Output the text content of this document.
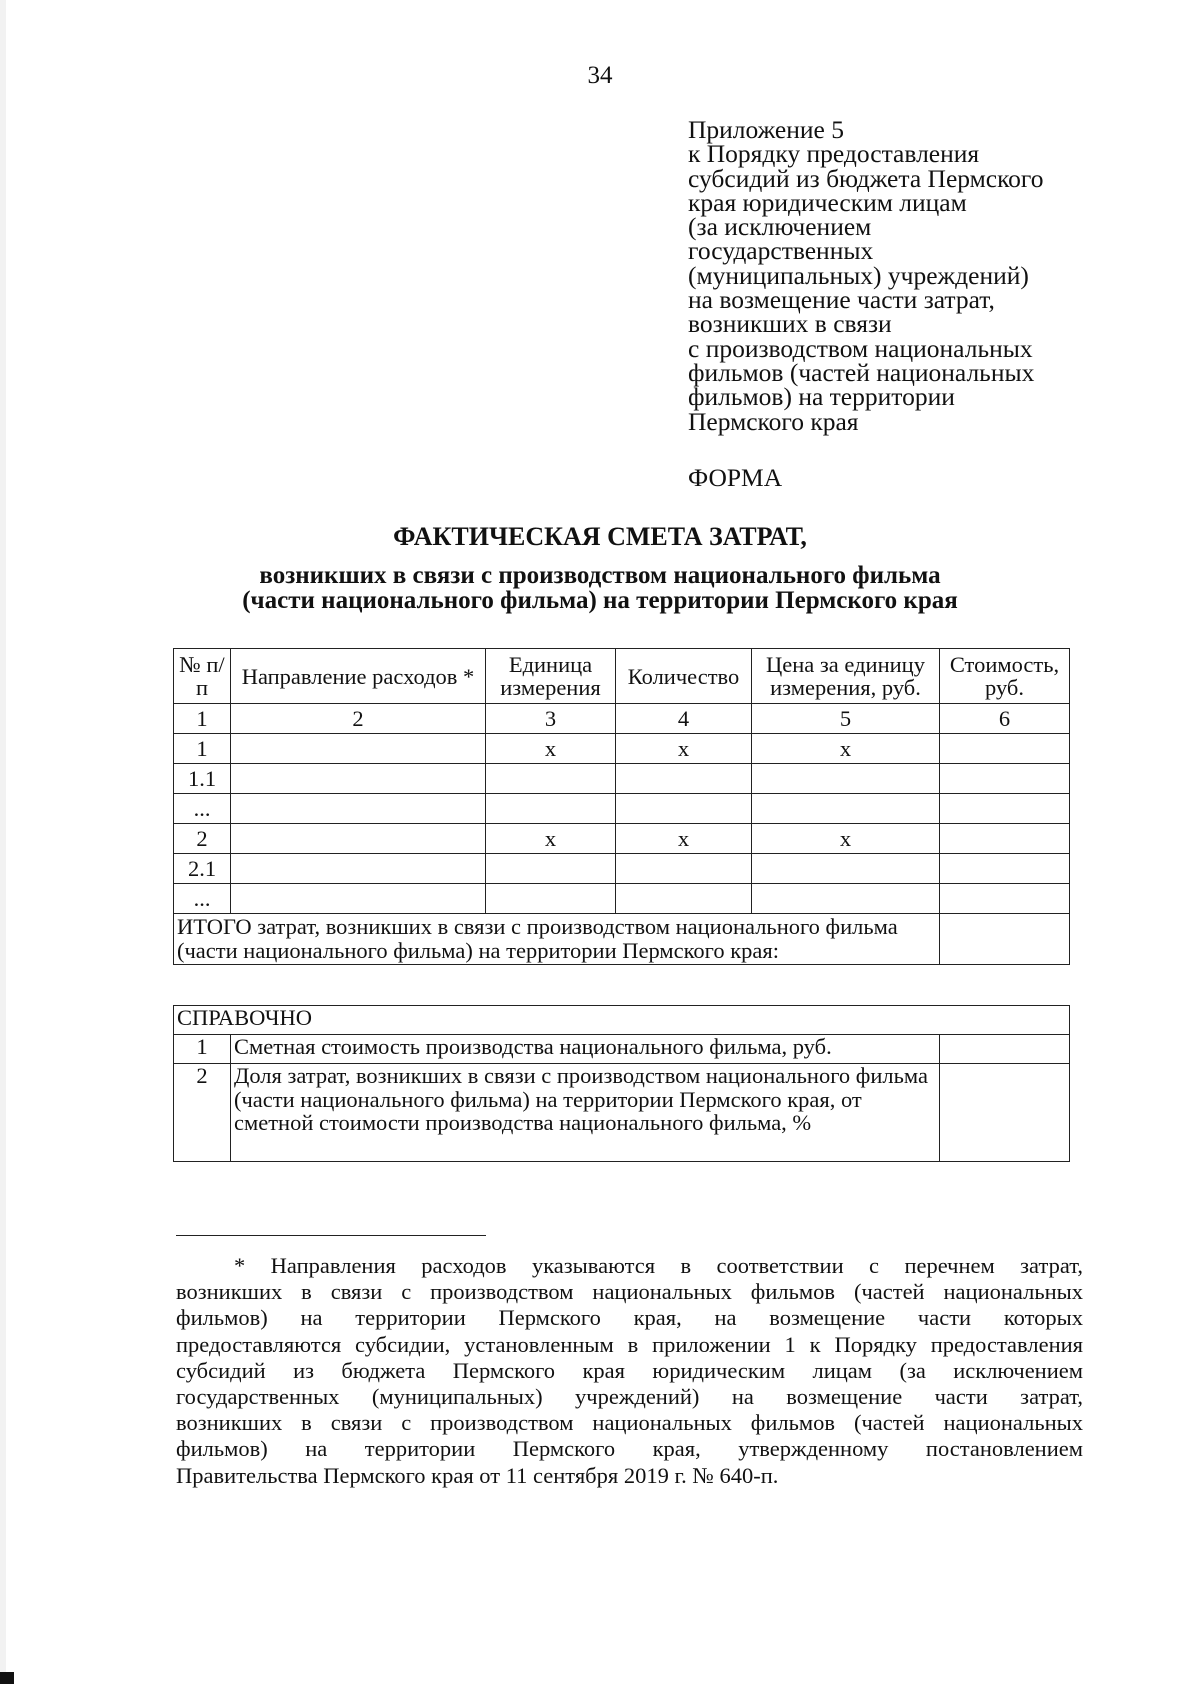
34
Приложение 5
к Порядку предоставления
субсидий из бюджета Пермского
края юридическим лицам
(за исключением
государственных
(муниципальных) учреждений)
на возмещение части затрат,
возникших в связи
с производством национальных
фильмов (частей национальных
фильмов) на территории
Пермского края
ФОРМА
ФАКТИЧЕСКАЯ СМЕТА ЗАТРАТ,
возникших в связи с производством национального фильма
(части национального фильма) на территории Пермского края
№ п/п	Направление расходов *	Единица измерения	Количество	Цена за единицу измерения, руб.	Стоимость, руб.
1	2	3	4	5	6
1		х	х	х	
1.1					
...					
2		х	х	х	
2.1					
...					
ИТОГО затрат, возникших в связи с производством национального фильма (части национального фильма) на территории Пермского края:					
СПРАВОЧНО		
1	Сметная стоимость производства национального фильма, руб.	
2	Доля затрат, возникших в связи с производством национального фильма (части национального фильма) на территории Пермского края, от сметной стоимости производства национального фильма, %	
* Направления расходов указываются в соответствии с перечнем затрат,
возникших в связи с производством национальных фильмов (частей национальных
фильмов) на территории Пермского края, на возмещение части которых
предоставляются субсидии, установленным в приложении 1 к Порядку предоставления
субсидий из бюджета Пермского края юридическим лицам (за исключением
государственных (муниципальных) учреждений) на возмещение части затрат,
возникших в связи с производством национальных фильмов (частей национальных
фильмов) на территории Пермского края, утвержденному постановлением
Правительства Пермского края от 11 сентября 2019 г. № 640-п.
